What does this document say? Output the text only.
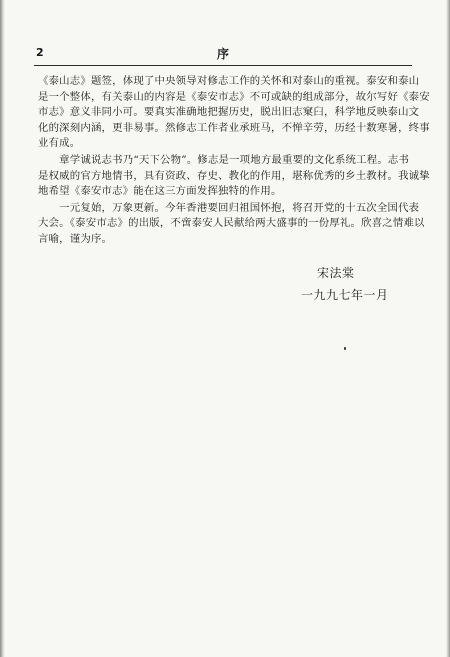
2	序

《泰山志》题签，体现了中央领导对修志工作的关怀和对泰山的重视。泰安和泰山
是一个整体，有关泰山的内容是《泰安市志》不可或缺的组成部分，故尔写好《泰安
市志》意义非同小可。要真实准确地把握历史，脱出旧志窠臼，科学地反映泰山文
化的深刻内涵，更非易事。然修志工作者业承班马，不惮辛劳，历经十数寒暑，终事
业有成。

　　章学诚说志书乃“天下公物”。修志是一项地方最重要的文化系统工程。志书
是权威的官方地情书，具有资政、存史、教化的作用，堪称优秀的乡土教材。我诚挚
地希望《泰安市志》能在这三方面发挥独特的作用。

　　一元复始，万象更新。今年香港要回归祖国怀抱，将召开党的十五次全国代表
大会。《泰安市志》的出版，不啻泰安人民献给两大盛事的一份厚礼。欣喜之情难以
言喻，谨为序。

宋法棠
一九九七年一月
